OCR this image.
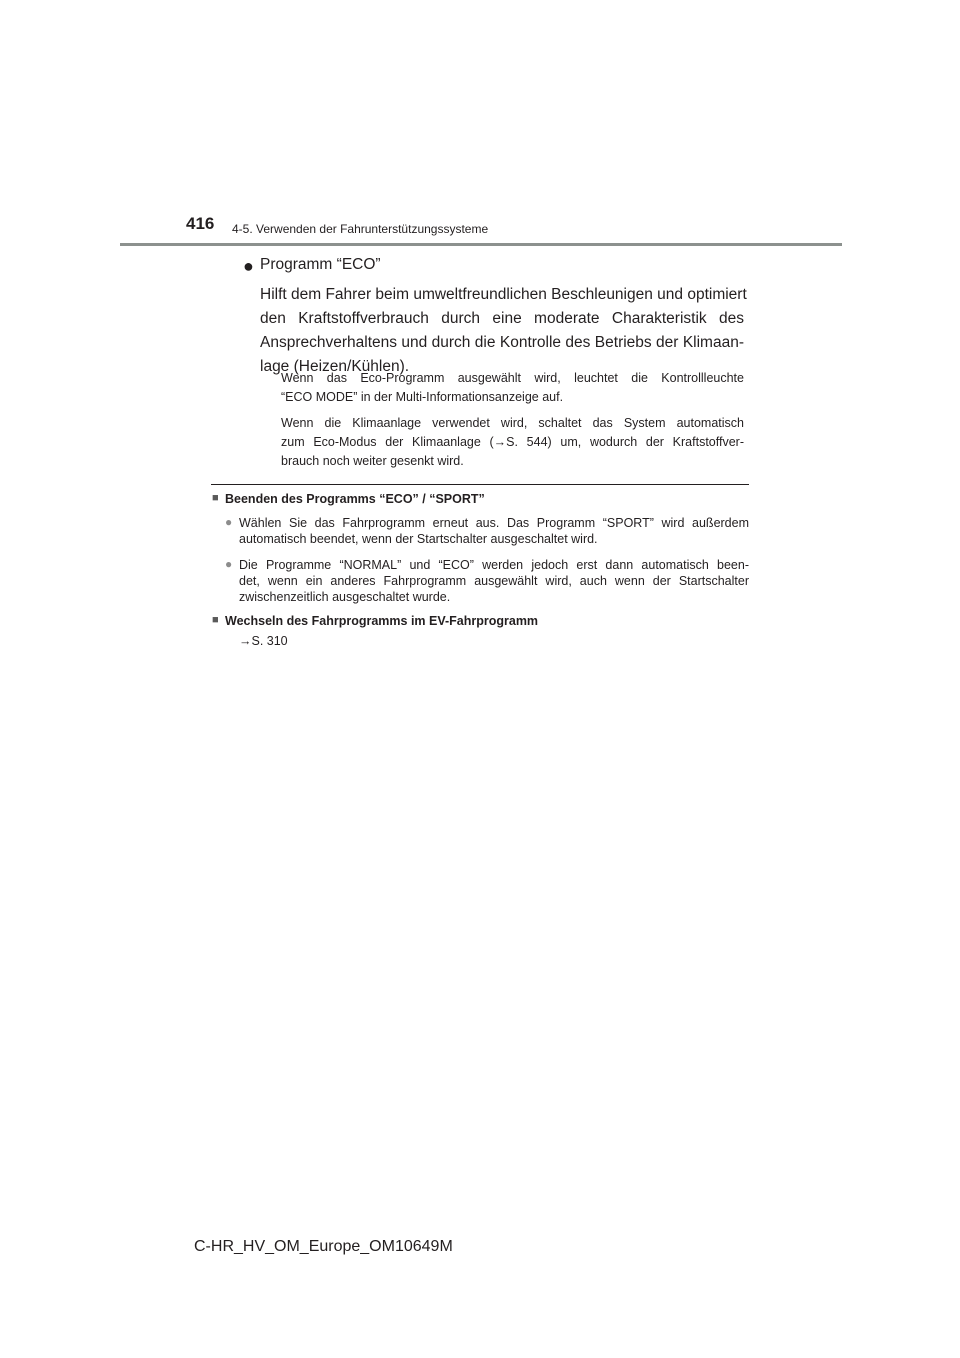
416 4-5. Verwenden der Fahrunterstützungssysteme
● Programm “ECO”
Hilft dem Fahrer beim umweltfreundlichen Beschleunigen und optimiert
den Kraftstoffverbrauch durch eine moderate Charakteristik des
Ansprechverhaltens und durch die Kontrolle des Betriebs der Klimaan-
lage (Heizen/Kühlen).
Wenn das Eco-Programm ausgewählt wird, leuchtet die Kontrollleuchte
“ECO MODE” in der Multi-Informationsanzeige auf.
Wenn die Klimaanlage verwendet wird, schaltet das System automatisch
zum Eco-Modus der Klimaanlage (→S. 544) um, wodurch der Kraftstoffver-
brauch noch weiter gesenkt wird.
■ Beenden des Programms “ECO” / “SPORT”
● Wählen Sie das Fahrprogramm erneut aus. Das Programm “SPORT” wird außerdem
automatisch beendet, wenn der Startschalter ausgeschaltet wird.
● Die Programme “NORMAL” und “ECO” werden jedoch erst dann automatisch been-
det, wenn ein anderes Fahrprogramm ausgewählt wird, auch wenn der Startschalter
zwischenzeitlich ausgeschaltet wurde.
■ Wechseln des Fahrprogramms im EV-Fahrprogramm
→S. 310
C-HR_HV_OM_Europe_OM10649M
